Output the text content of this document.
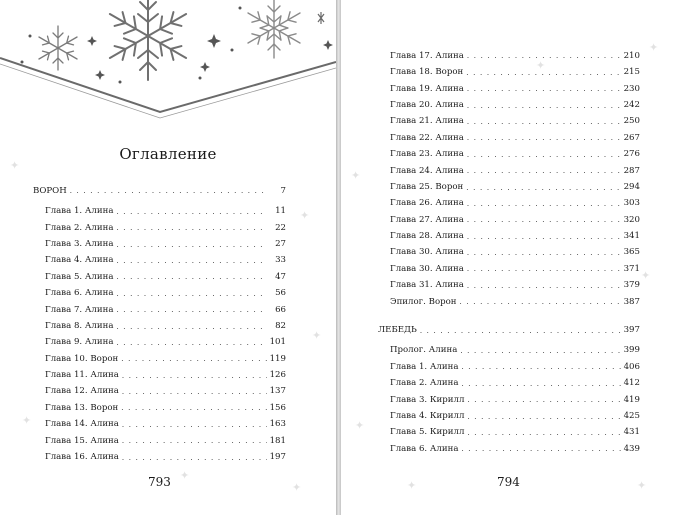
Оглавление
ВОРОН . . .	7
Глава 1. Алина . . .	11
Глава 2. Алина . . .	22
Глава 3. Алина . . .	27
Глава 4. Алина . . .	33
Глава 5. Алина . . .	47
Глава 6. Алина . . .	56
Глава 7. Алина . . .	66
Глава 8. Алина . . .	82
Глава 9. Алина . . .	101
Глава 10. Ворон . . .	119
Глава 11. Алина . . .	126
Глава 12. Алина . . .	137
Глава 13. Ворон . . .	156
Глава 14. Алина . . .	163
Глава 15. Алина . . .	181
Глава 16. Алина . . .	197
793
✦
✦
✦
✦
✦
✦
Глава 17. Алина . . .	210
Глава 18. Ворон . . .	215
Глава 19. Алина . . .	230
Глава 20. Алина . . .	242
Глава 21. Алина . . .	250
Глава 22. Алина . . .	267
Глава 23. Алина . . .	276
Глава 24. Алина . . .	287
Глава 25. Ворон . . .	294
Глава 26. Алина . . .	303
Глава 27. Алина . . .	320
Глава 28. Алина . . .	341
Глава 30. Алина . . .	365
Глава 30. Алина . . .	371
Глава 31. Алина . . .	379
Эпилог. Ворон . . .	387
ЛЕБЕДЬ . . .	397
Пролог. Алина . . .	399
Глава 1. Алина . . .	406
Глава 2. Алина . . .	412
Глава 3. Кирилл . . .	419
Глава 4. Кирилл . . .	425
Глава 5. Кирилл . . .	431
Глава 6. Алина . . .	439
794
✦
✦
✦
✦
✦	✦
✦
